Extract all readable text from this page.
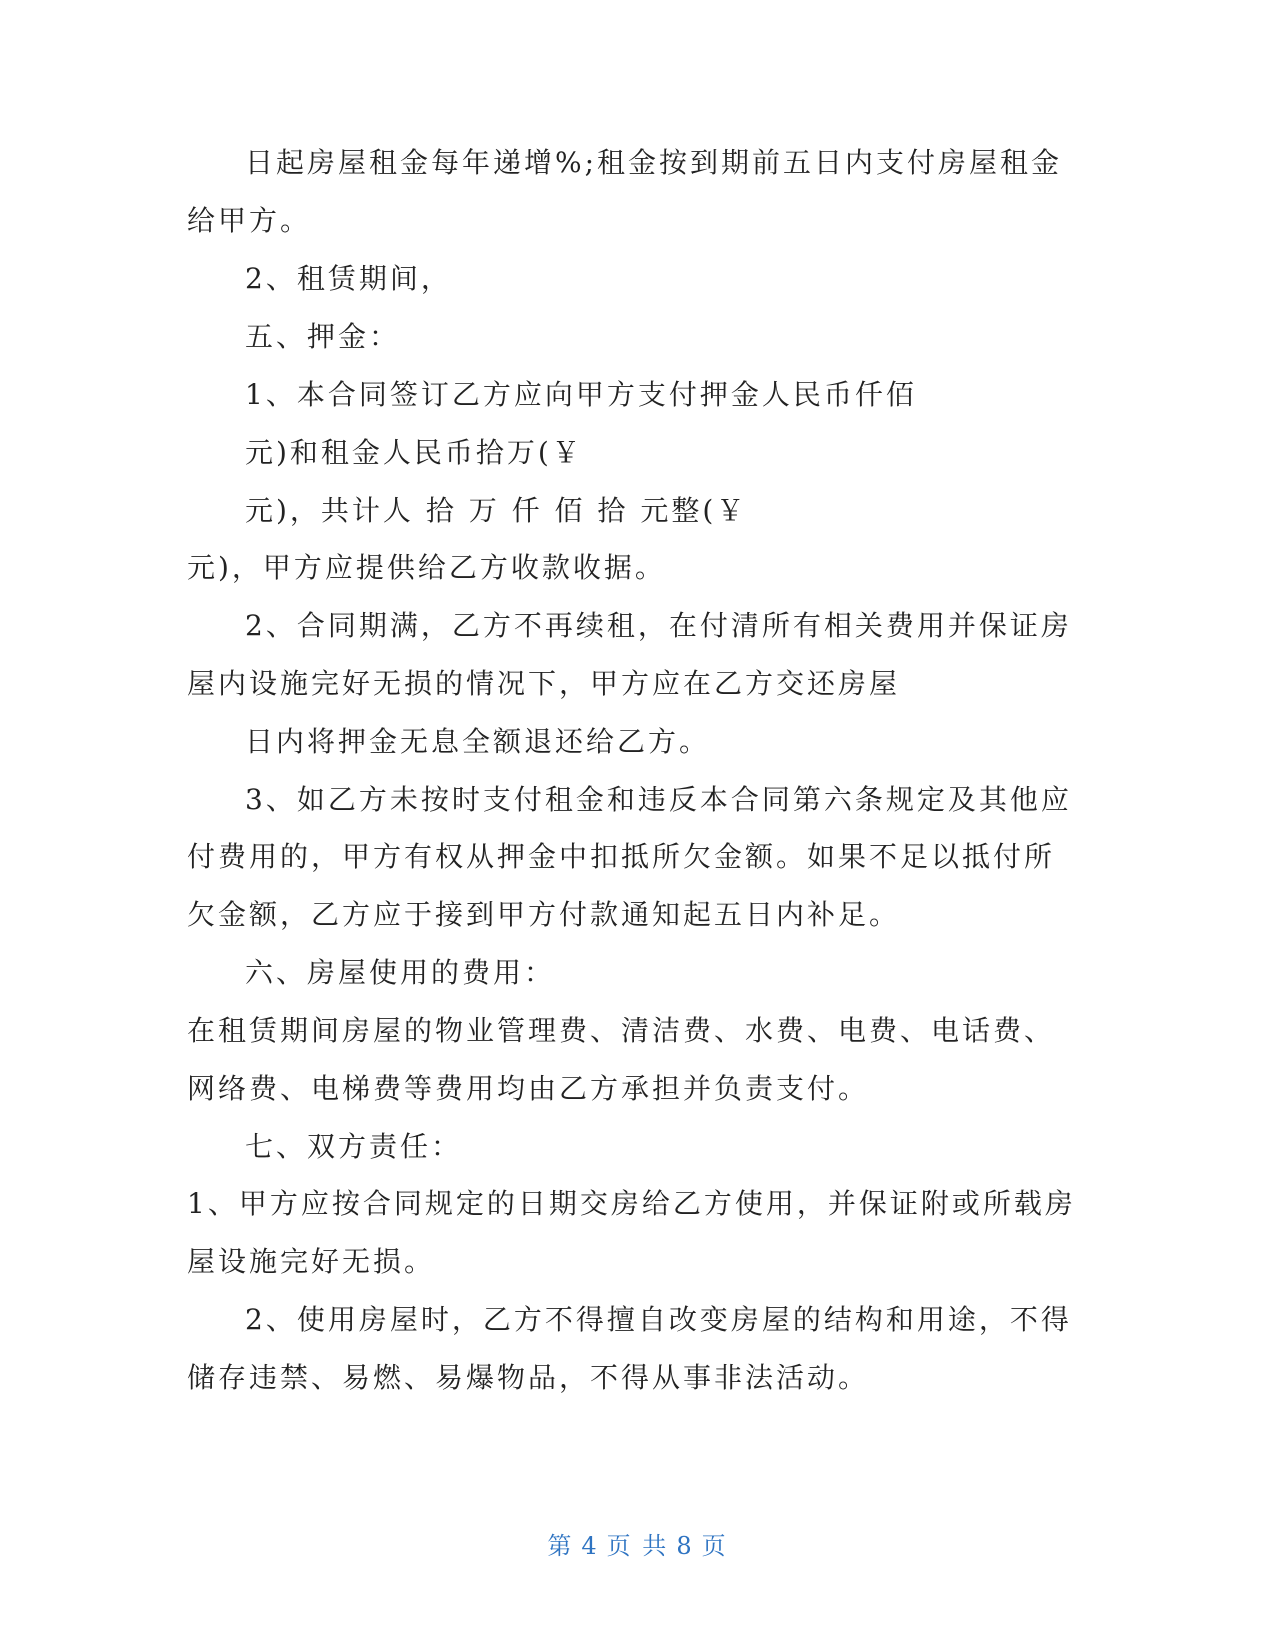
日起房屋租金每年递增%;租金按到期前五日内支付房屋租金
给甲方。
2、租赁期间，
五、押金：
1、本合同签订乙方应向甲方支付押金人民币仟佰
元)和租金人民币拾万(￥
元)，共计人 拾 万 仟 佰 拾 元整(￥
元)，甲方应提供给乙方收款收据。
2、合同期满，乙方不再续租，在付清所有相关费用并保证房
屋内设施完好无损的情况下，甲方应在乙方交还房屋
日内将押金无息全额退还给乙方。
3、如乙方未按时支付租金和违反本合同第六条规定及其他应
付费用的，甲方有权从押金中扣抵所欠金额。如果不足以抵付所
欠金额，乙方应于接到甲方付款通知起五日内补足。
六、房屋使用的费用：
在租赁期间房屋的物业管理费、清洁费、水费、电费、电话费、
网络费、电梯费等费用均由乙方承担并负责支付。
七、双方责任：
1、甲方应按合同规定的日期交房给乙方使用，并保证附或所载房
屋设施完好无损。
2、使用房屋时，乙方不得擅自改变房屋的结构和用途，不得
储存违禁、易燃、易爆物品，不得从事非法活动。
第 4 页 共 8 页
